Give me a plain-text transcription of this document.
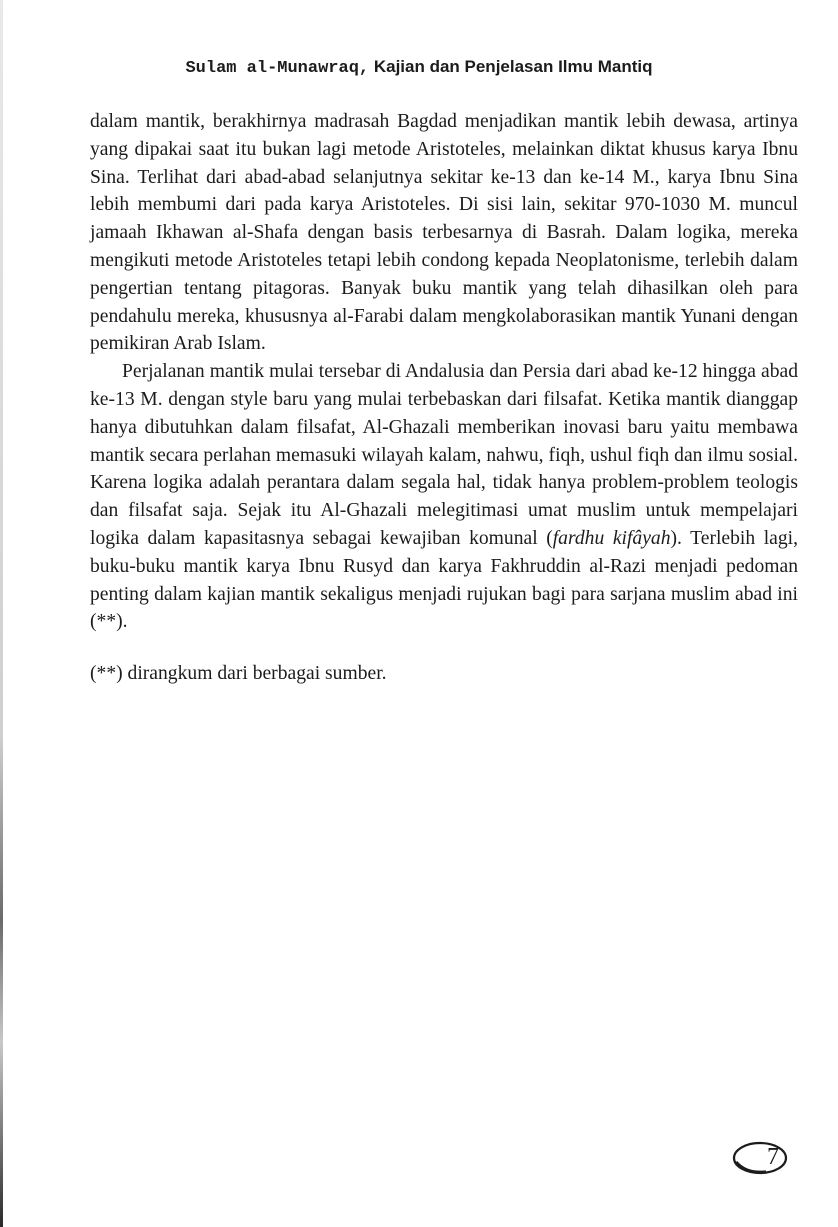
Sulam al-Munawraq, Kajian dan Penjelasan Ilmu Mantiq

dalam mantik, berakhirnya madrasah Bagdad menjadikan mantik lebih dewasa, artinya yang dipakai saat itu bukan lagi metode Aristoteles, melainkan diktat khusus karya Ibnu Sina. Terlihat dari abad-abad selanjutnya sekitar ke-13 dan ke-14 M., karya Ibnu Sina lebih membumi dari pada karya Aristoteles. Di sisi lain, sekitar 970-1030 M. muncul jamaah Ikhawan al-Shafa dengan basis terbesarnya di Basrah. Dalam logika, mereka mengikuti metode Aristoteles tetapi lebih condong kepada Neoplatonisme, terlebih dalam pengertian tentang pitagoras. Banyak buku mantik yang telah dihasilkan oleh para pendahulu mereka, khususnya al-Farabi dalam mengkolaborasikan mantik Yunani dengan pemikiran Arab Islam.

Perjalanan mantik mulai tersebar di Andalusia dan Persia dari abad ke-12 hingga abad ke-13 M. dengan style baru yang mulai terbebaskan dari filsafat. Ketika mantik dianggap hanya dibutuhkan dalam filsafat, Al-Ghazali memberikan inovasi baru yaitu membawa mantik secara perlahan memasuki wilayah kalam, nahwu, fiqh, ushul fiqh dan ilmu sosial. Karena logika adalah perantara dalam segala hal, tidak hanya problem-problem teologis dan filsafat saja. Sejak itu Al-Ghazali melegitimasi umat muslim untuk mempelajari logika dalam kapasitasnya sebagai kewajiban komunal (fardhu kifâyah). Terlebih lagi, buku-buku mantik karya Ibnu Rusyd dan karya Fakhruddin al-Razi menjadi pedoman penting dalam kajian mantik sekaligus menjadi rujukan bagi para sarjana muslim abad ini (**).

(**) dirangkum dari berbagai sumber.

7
